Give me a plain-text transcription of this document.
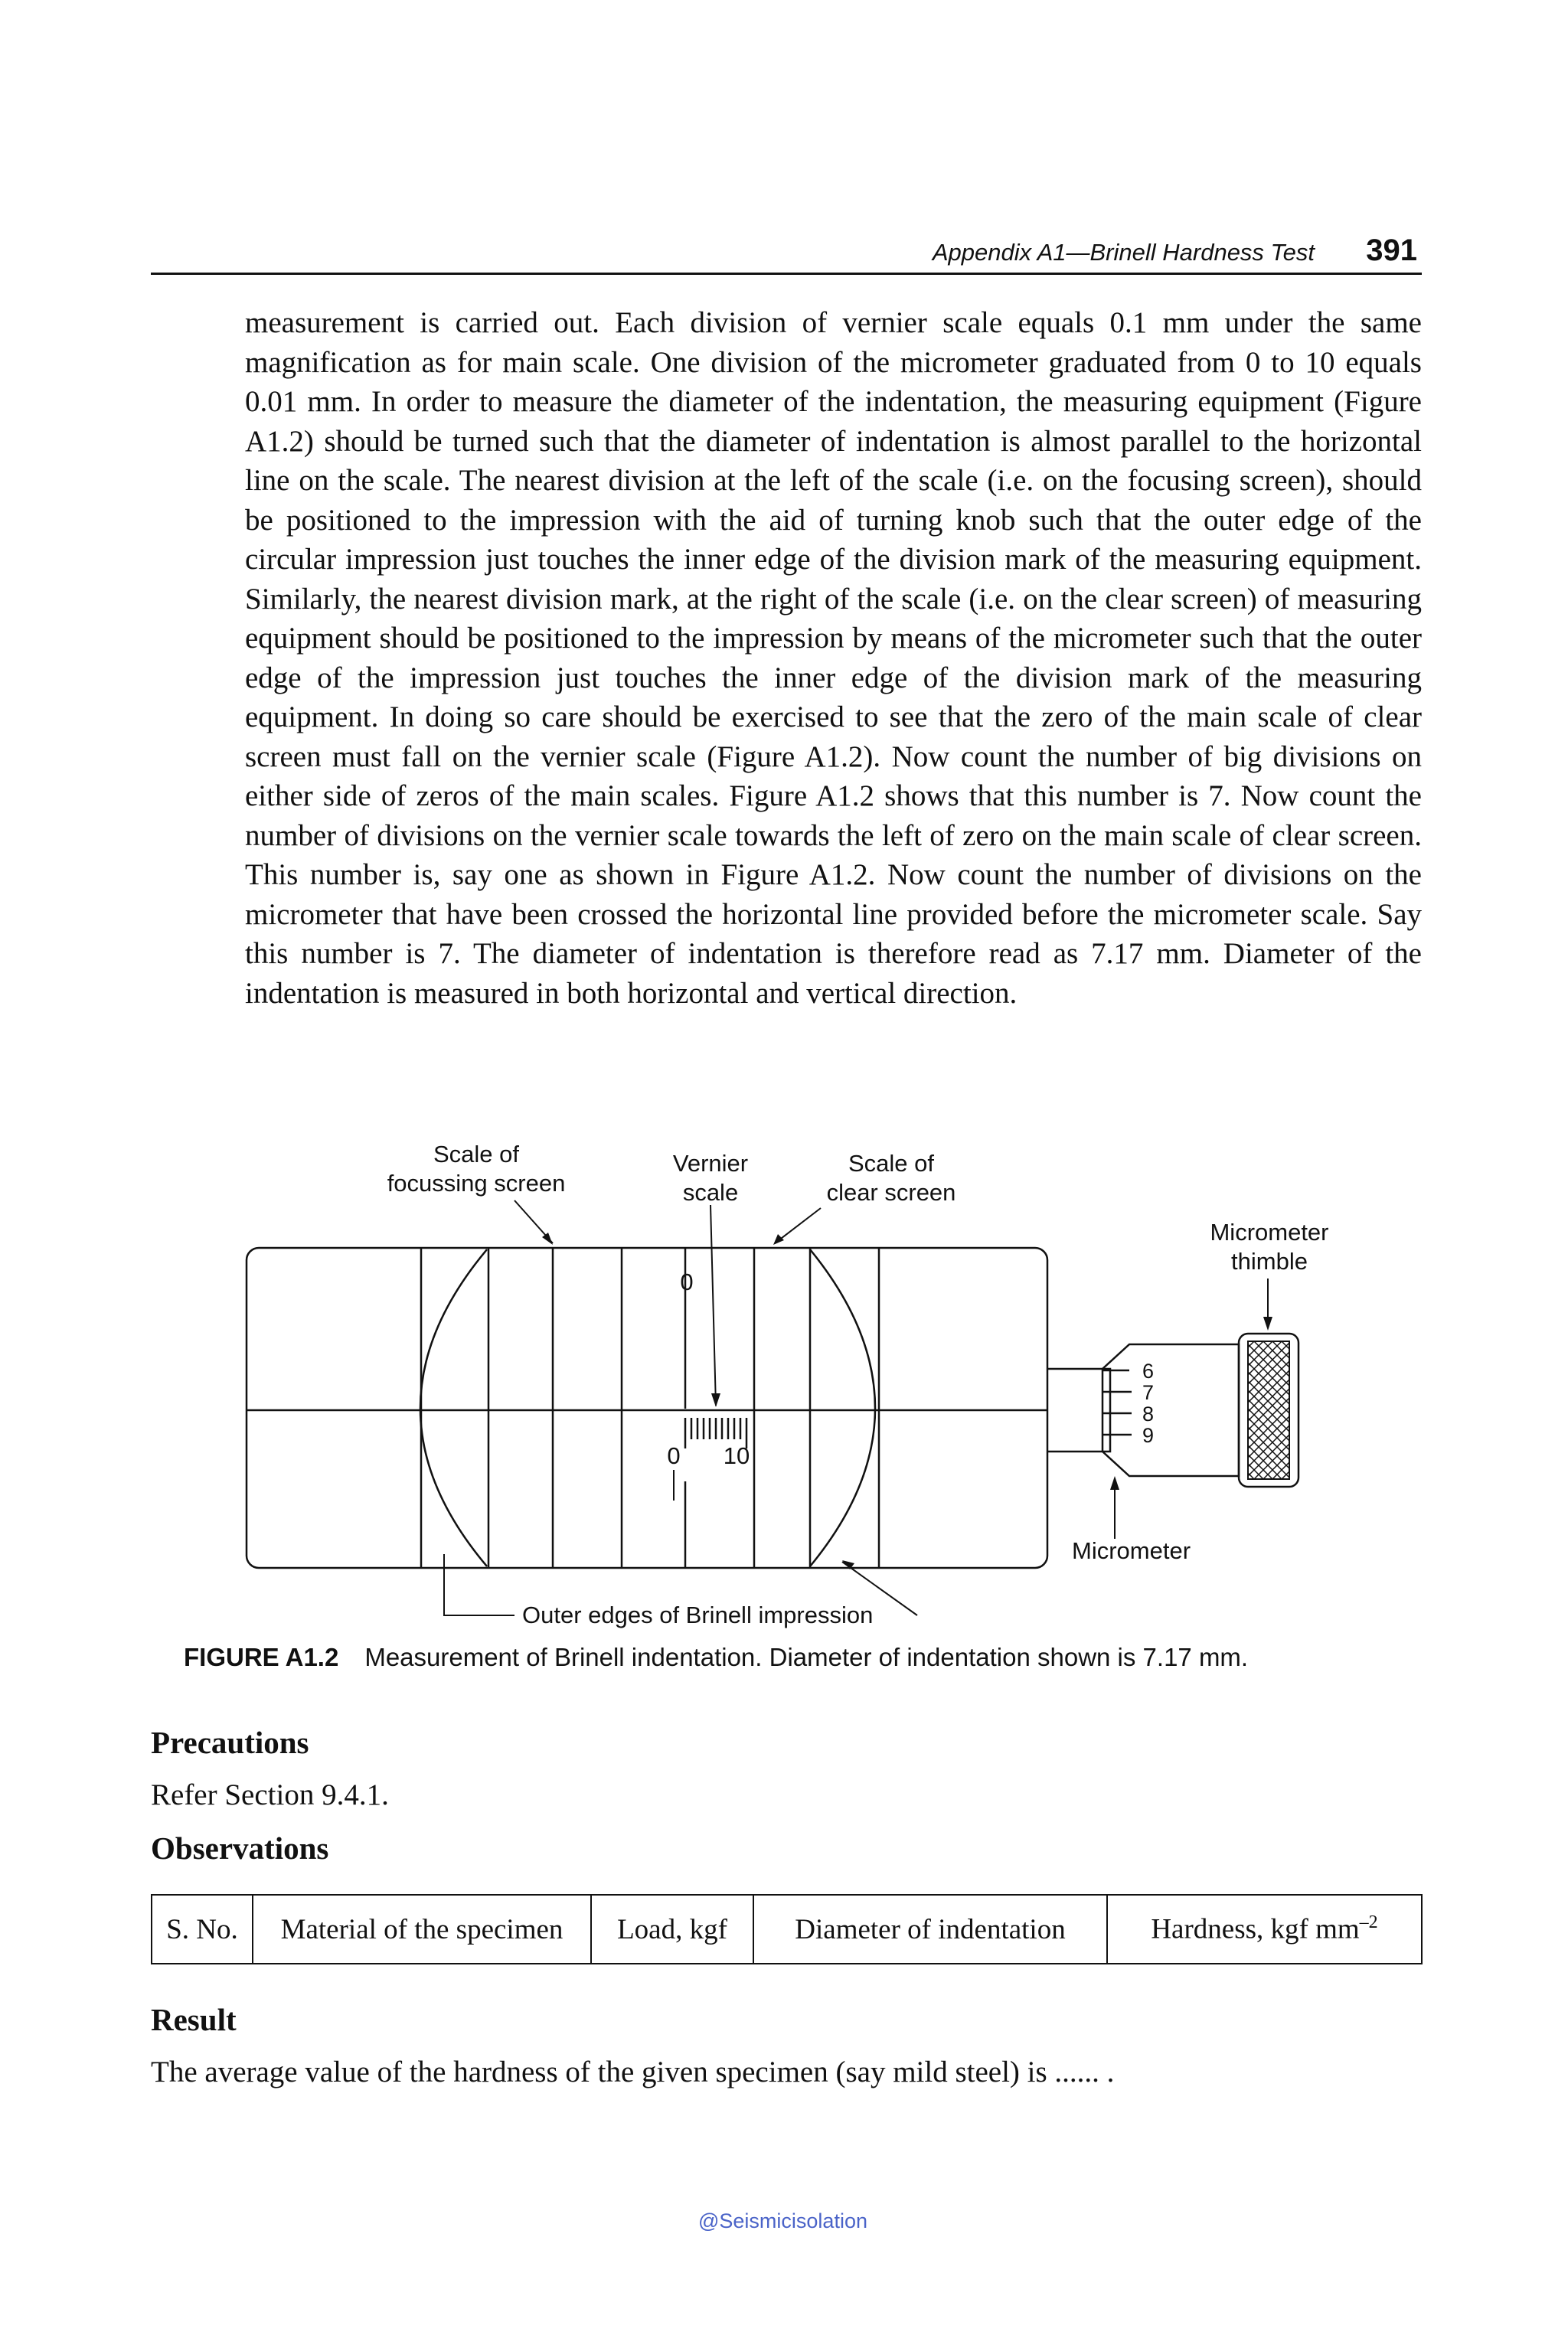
Appendix A1—Brinell Hardness Test 391

measurement is carried out. Each division of vernier scale equals 0.1 mm under the same magnification as for main scale. One division of the micrometer graduated from 0 to 10 equals 0.01 mm. In order to measure the diameter of the indentation, the measuring equipment (Figure A1.2) should be turned such that the diameter of indentation is almost parallel to the horizontal line on the scale. The nearest division at the left of the scale (i.e. on the focusing screen), should be positioned to the impression with the aid of turning knob such that the outer edge of the circular impression just touches the inner edge of the division mark of the measuring equipment. Similarly, the nearest division mark, at the right of the scale (i.e. on the clear screen) of measuring equipment should be positioned to the impression by means of the micrometer such that the outer edge of the impression just touches the inner edge of the division mark of the measuring equipment. In doing so care should be exercised to see that the zero of the main scale of clear screen must fall on the vernier scale (Figure A1.2). Now count the number of big divisions on either side of zeros of the main scales. Figure A1.2 shows that this number is 7. Now count the number of divisions on the vernier scale towards the left of zero on the main scale of clear screen. This number is, say one as shown in Figure A1.2. Now count the number of divisions on the micrometer that have been crossed the horizontal line provided before the micrometer scale. Say this number is 7. The diameter of indentation is therefore read as 7.17 mm. Diameter of the indentation is measured in both horizontal and vertical direction.

Scale of
focussing screen
Vernier
scale
Scale of
clear screen
Micrometer
thimble
0
0 10
6
7
8
9
Micrometer
Outer edges of Brinell impression
FIGURE A1.2 Measurement of Brinell indentation. Diameter of indentation shown is 7.17 mm.
Precautions
Refer Section 9.4.1.
Observations
S. No.	Material of the specimen	Load, kgf	Diameter of indentation	Hardness, kgf $mm^{-2}$
Result
The average value of the hardness of the given specimen (say mild steel) is ...... .
@Seismicisolation
